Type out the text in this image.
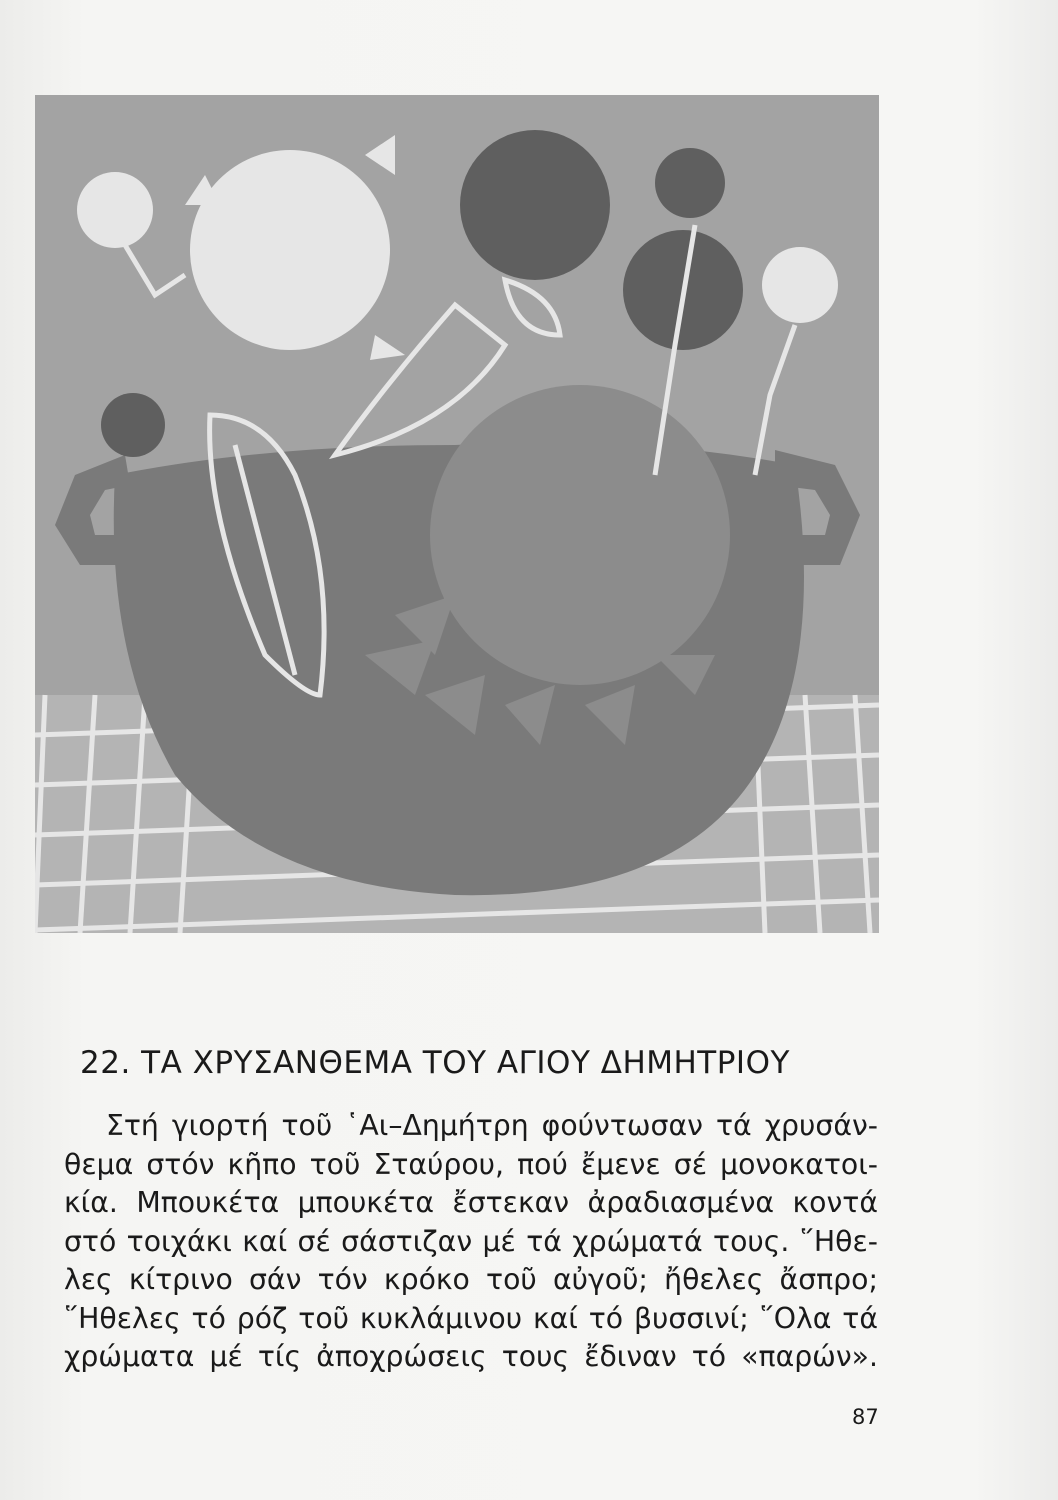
22. ΤΑ ΧΡΥΣΑΝΘΕΜΑ ΤΟΥ ΑΓΙΟΥ ΔΗΜΗΤΡΙΟΥ
Στή γιορτή τοῦ ῾Αι–Δημήτρη φούντωσαν τά χρυσάν-
θεμα στόν κῆπο τοῦ Σταύρου, πού ἔμενε σέ μονοκατοι-
κία. Μπουκέτα μπουκέτα ἔστεκαν ἀραδιασμένα κοντά
στό τοιχάκι καί σέ σάστιζαν μέ τά χρώματά τους. ῞Ηθε-
λες κίτρινο σάν τόν κρόκο τοῦ αὐγοῦ; ἤθελες ἄσπρο;
῞Ηθελες τό ρόζ τοῦ κυκλάμινου καί τό βυσσινί; ῞Ολα τά
χρώματα μέ τίς ἀποχρώσεις τους ἔδιναν τό «παρών».
87
